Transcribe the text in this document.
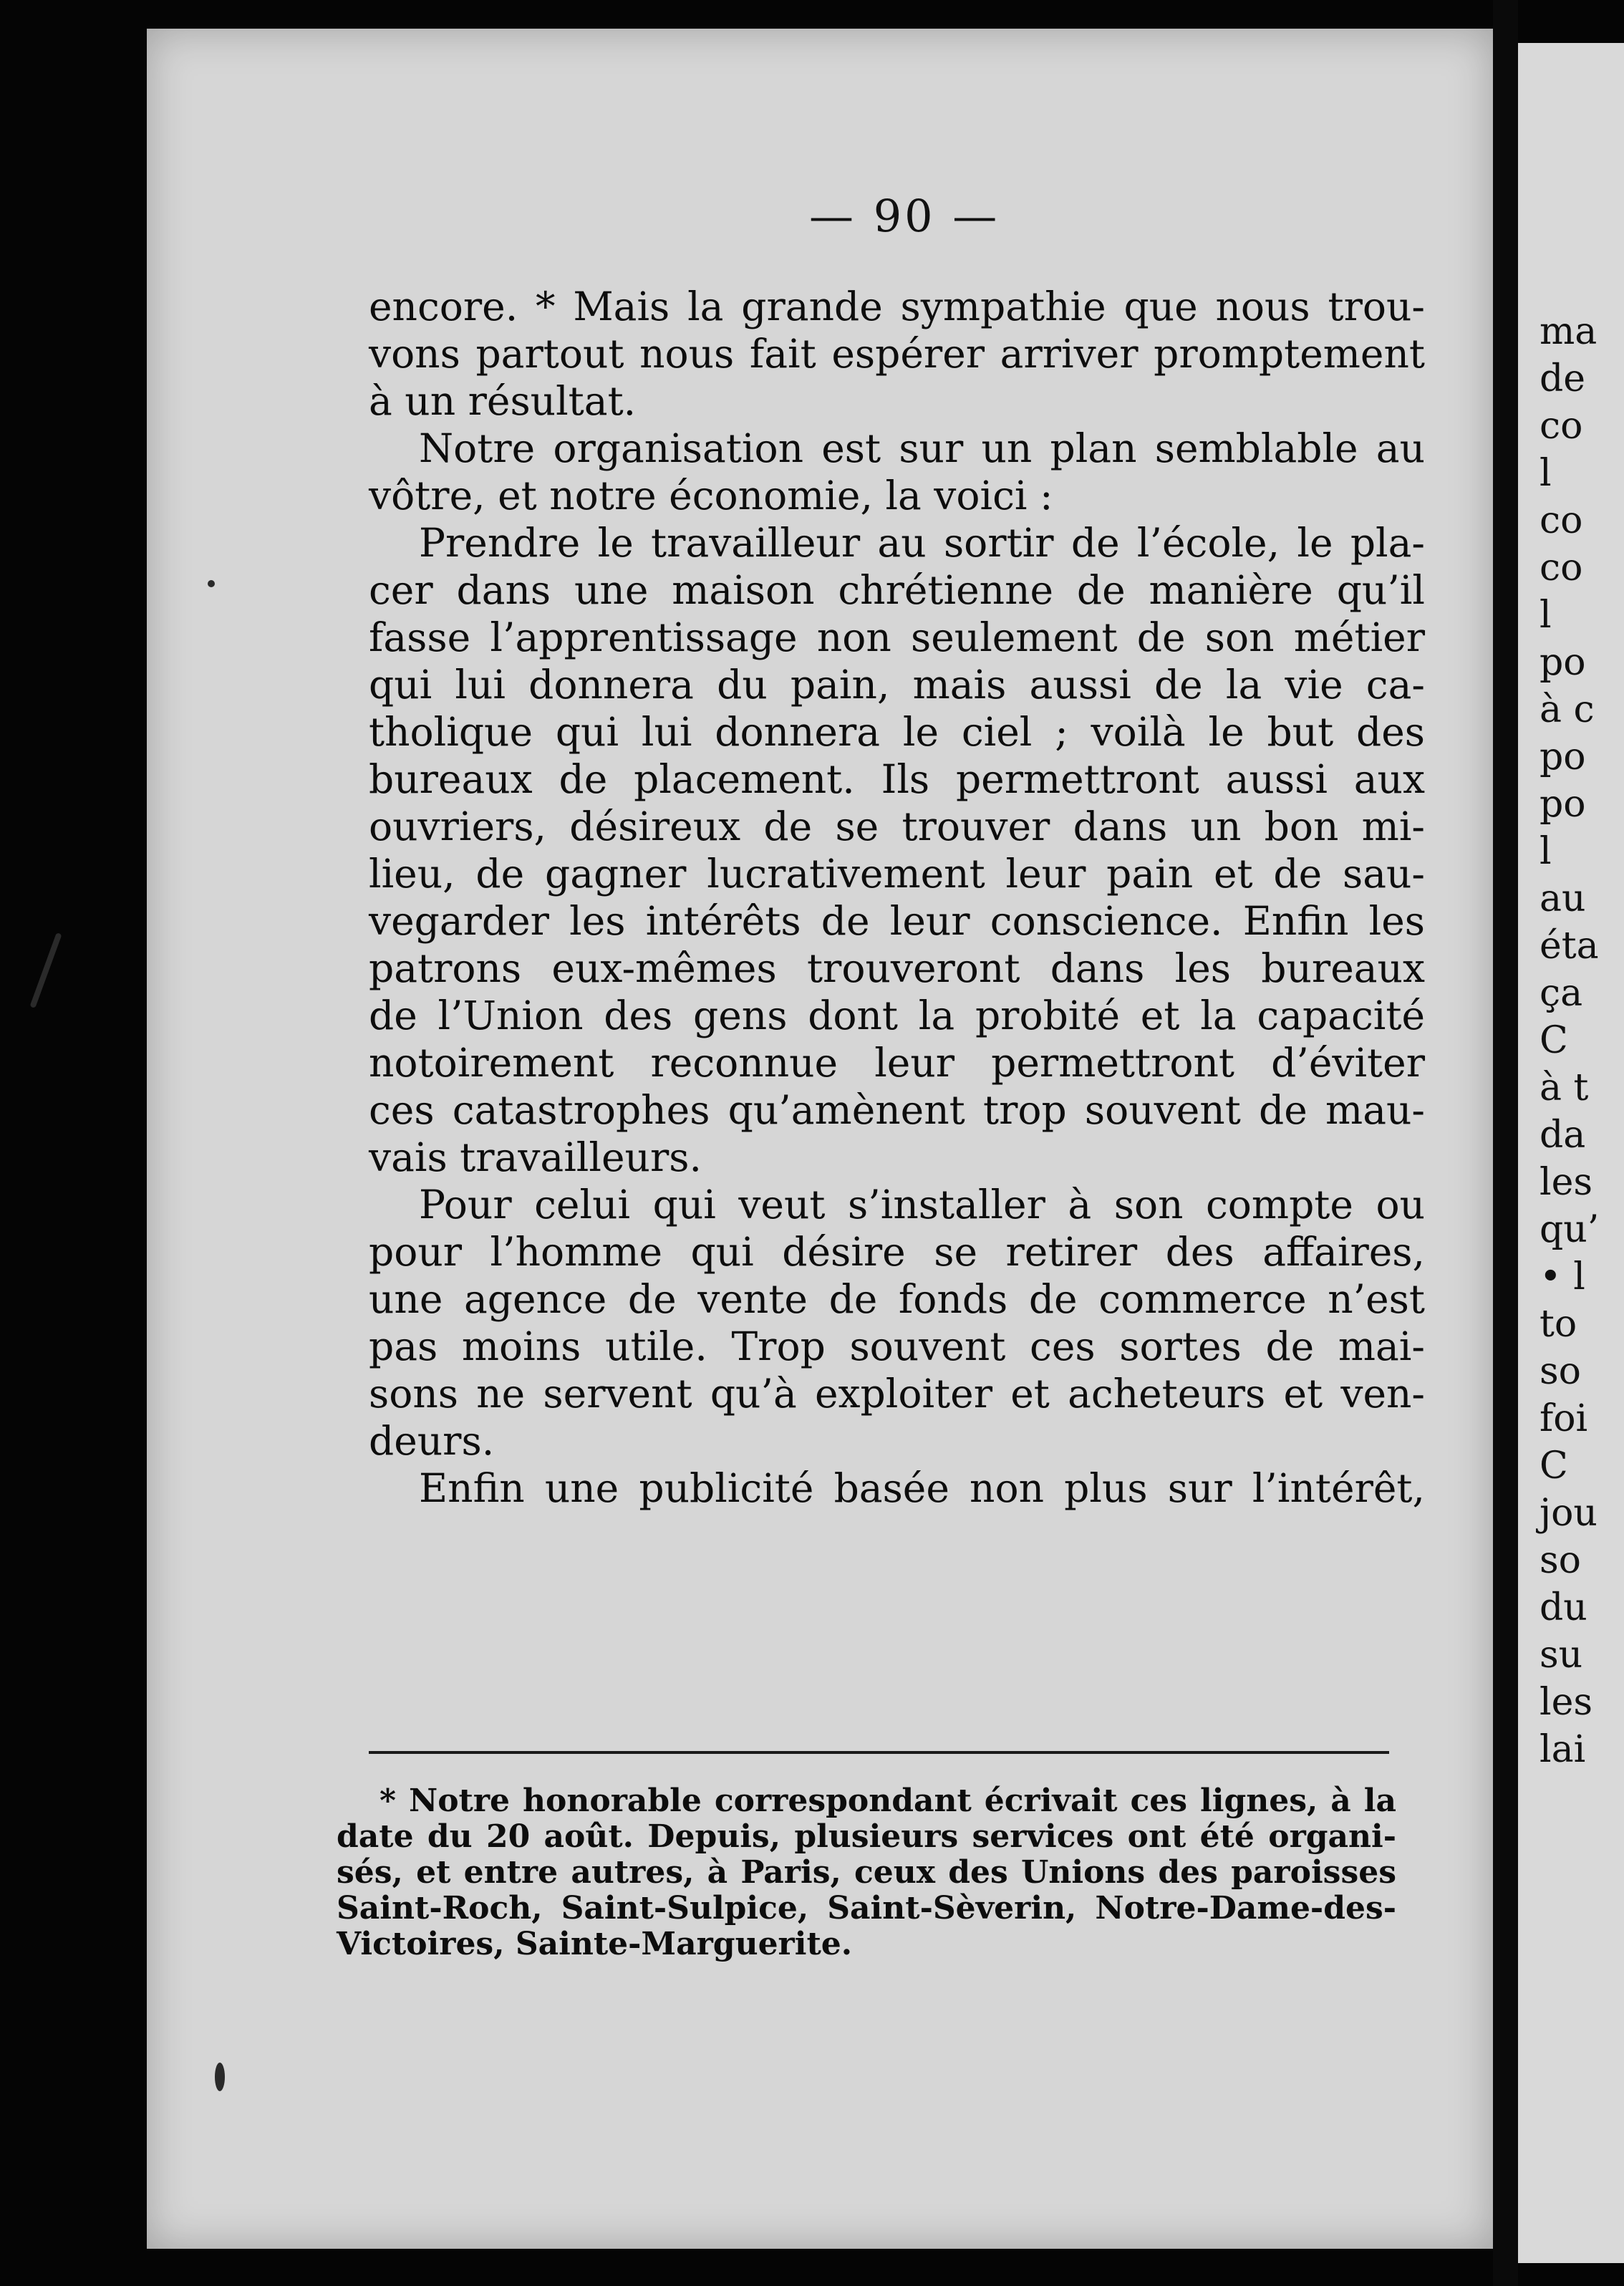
— 90 —
encore. * Mais la grande sympathie que nous trou-
vons partout nous fait espérer arriver promptement
à un résultat.
Notre organisation est sur un plan semblable au
vôtre, et notre économie, la voici :
Prendre le travailleur au sortir de l’école, le pla-
cer dans une maison chrétienne de manière qu’il
fasse l’apprentissage non seulement de son métier
qui lui donnera du pain, mais aussi de la vie ca-
tholique qui lui donnera le ciel ; voilà le but des
bureaux de placement. Ils permettront aussi aux
ouvriers, désireux de se trouver dans un bon mi-
lieu, de gagner lucrativement leur pain et de sau-
vegarder les intérêts de leur conscience. Enfin les
patrons eux-mêmes trouveront dans les bureaux
de l’Union des gens dont la probité et la capacité
notoirement reconnue leur permettront d’éviter
ces catastrophes qu’amènent trop souvent de mau-
vais travailleurs.
Pour celui qui veut s’installer à son compte ou
pour l’homme qui désire se retirer des affaires,
une agence de vente de fonds de commerce n’est
pas moins utile. Trop souvent ces sortes de mai-
sons ne servent qu’à exploiter et acheteurs et ven-
deurs.
Enfin une publicité basée non plus sur l’intérêt,
* Notre honorable correspondant écrivait ces lignes, à la
date du 20 août. Depuis, plusieurs services ont été organi-
sés, et entre autres, à Paris, ceux des Unions des paroisses
Saint-Roch, Saint-Sulpice, Saint-Sèverin, Notre-Dame-des-
Victoires, Sainte-Marguerite.
ma
de
co
l
co
co
l
po
à c
po
po
l
au
éta
ça
C
à t
da
les
qu’
• l
to
so
foi
C
jou
so
du
su
les
lai
